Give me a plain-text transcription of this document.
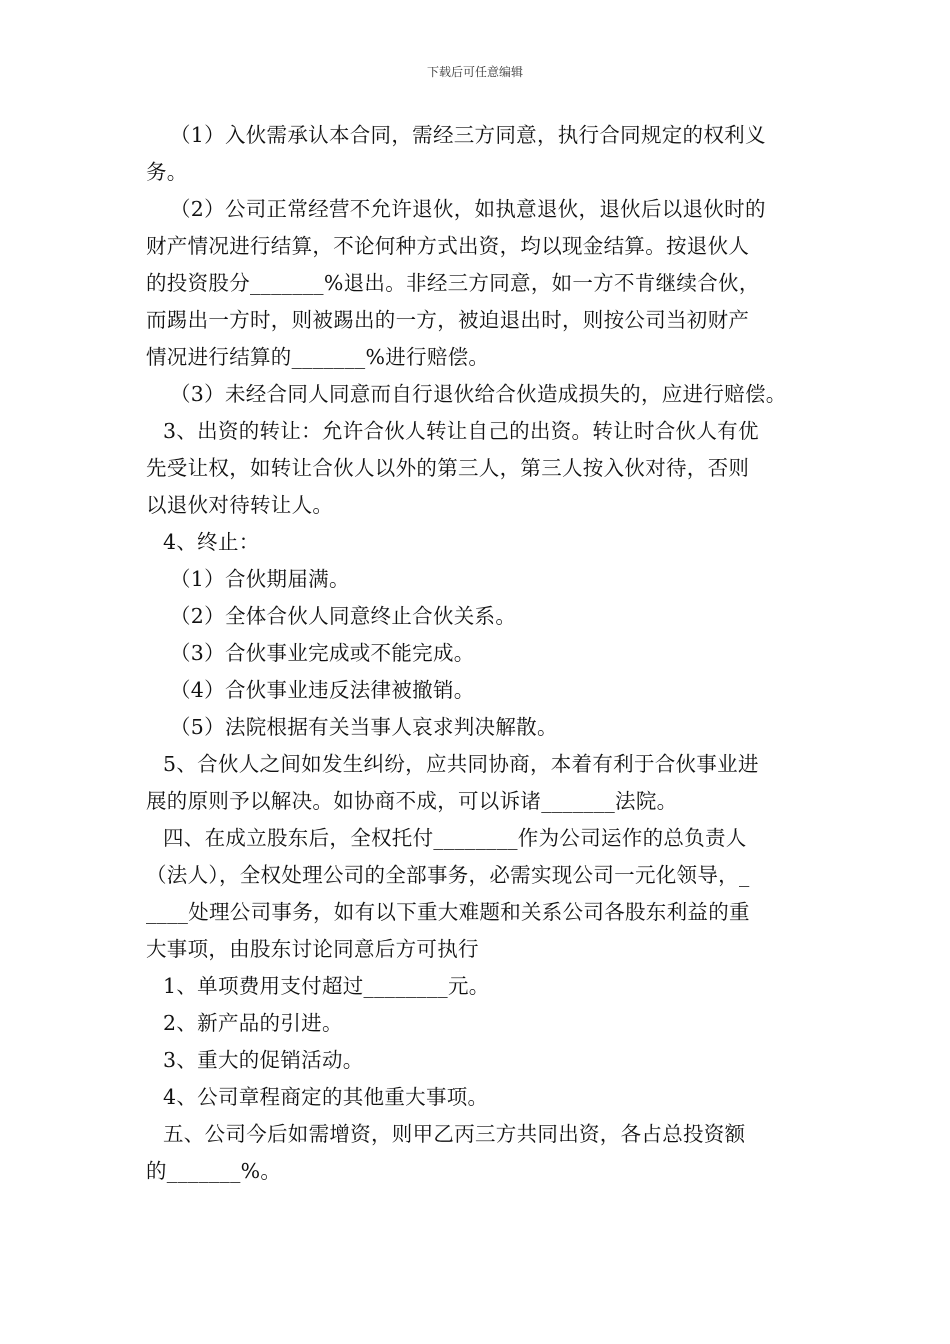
下载后可任意编辑

（1）入伙需承认本合同，需经三方同意，执行合同规定的权利义

务。

（2）公司正常经营不允许退伙，如执意退伙，退伙后以退伙时的

财产情况进行结算，不论何种方式出资，均以现金结算。按退伙人

的投资股分_______%退出。非经三方同意，如一方不肯继续合伙，

而踢出一方时，则被踢出的一方，被迫退出时，则按公司当初财产

情况进行结算的_______%进行赔偿。

（3）未经合同人同意而自行退伙给合伙造成损失的，应进行赔偿。

3、出资的转让：允许合伙人转让自己的出资。转让时合伙人有优

先受让权，如转让合伙人以外的第三人，第三人按入伙对待，否则

以退伙对待转让人。

4、终止：

（1）合伙期届满。

（2）全体合伙人同意终止合伙关系。

（3）合伙事业完成或不能完成。

（4）合伙事业违反法律被撤销。

（5）法院根据有关当事人哀求判决解散。

5、合伙人之间如发生纠纷，应共同协商，本着有利于合伙事业进

展的原则予以解决。如协商不成，可以诉诸_______法院。

四、在成立股东后，全权托付________作为公司运作的总负责人

（法人），全权处理公司的全部事务，必需实现公司一元化领导，_

____处理公司事务，如有以下重大难题和关系公司各股东利益的重

大事项，由股东讨论同意后方可执行

1、单项费用支付超过________元。

2、新产品的引进。

3、重大的促销活动。

4、公司章程商定的其他重大事项。

五、公司今后如需增资，则甲乙丙三方共同出资，各占总投资额

的_______%。
